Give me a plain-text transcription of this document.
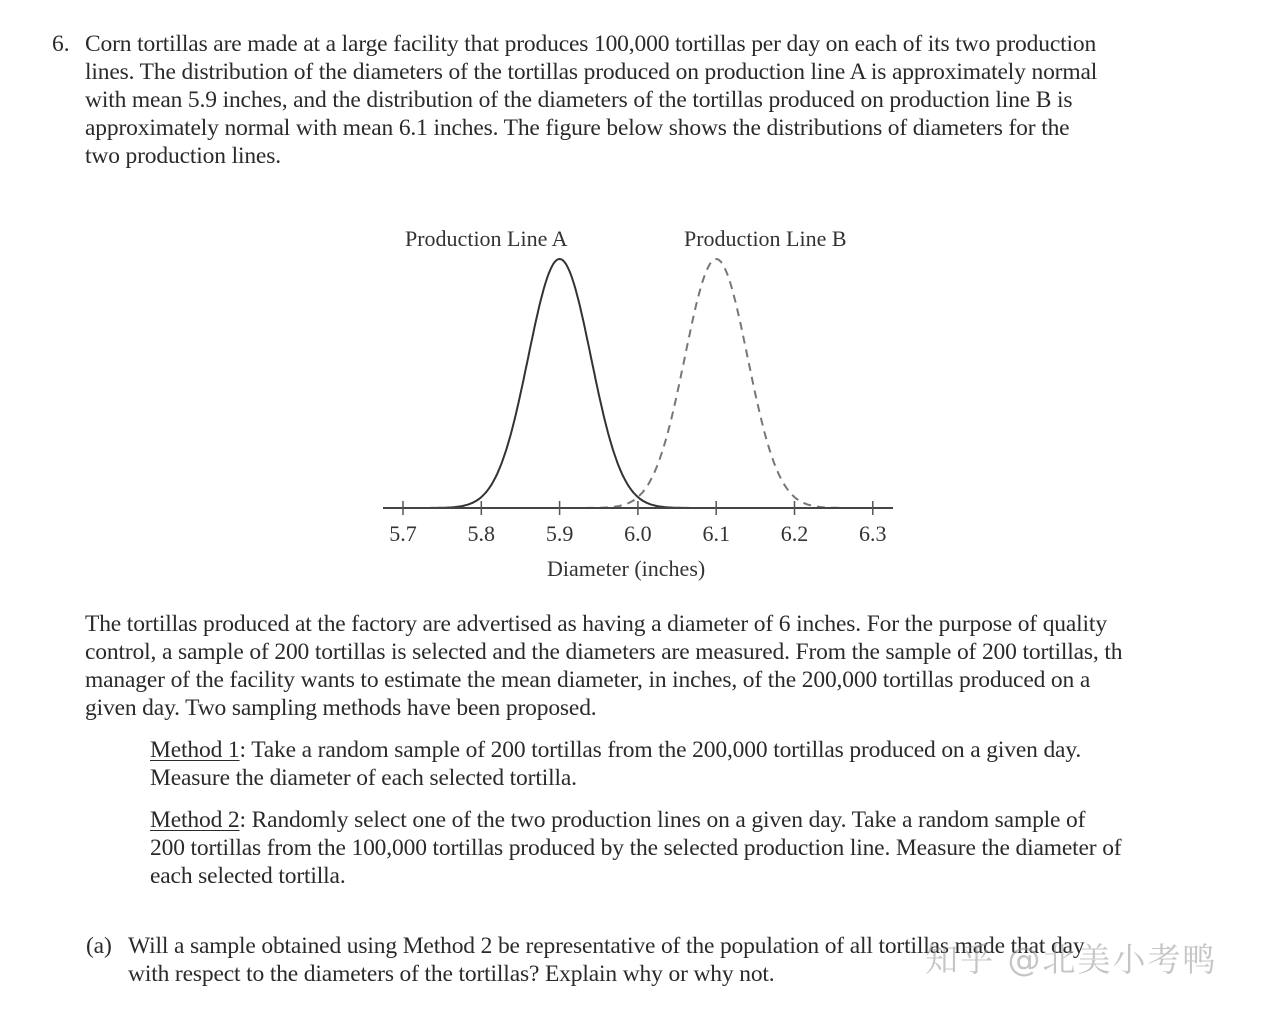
6. Corn tortillas are made at a large facility that produces 100,000 tortillas per day on each of its two production
lines. The distribution of the diameters of the tortillas produced on production line A is approximately normal
with mean 5.9 inches, and the distribution of the diameters of the tortillas produced on production line B is
approximately normal with mean 6.1 inches. The figure below shows the distributions of diameters for the
two production lines.
Production Line A	Production Line B
5.7 5.8 5.9 6.0 6.1 6.2 6.3
Diameter (inches)
The tortillas produced at the factory are advertised as having a diameter of 6 inches. For the purpose of quality
control, a sample of 200 tortillas is selected and the diameters are measured. From the sample of 200 tortillas, th
manager of the facility wants to estimate the mean diameter, in inches, of the 200,000 tortillas produced on a
given day. Two sampling methods have been proposed.
Method 1: Take a random sample of 200 tortillas from the 200,000 tortillas produced on a given day.
Measure the diameter of each selected tortilla.
Method 2: Randomly select one of the two production lines on a given day. Take a random sample of
200 tortillas from the 100,000 tortillas produced by the selected production line. Measure the diameter of
each selected tortilla.
(a) Will a sample obtained using Method 2 be representative of the population of all tortillas made that day
with respect to the diameters of the tortillas? Explain why or why not.	知乎 @北美小考鸭
